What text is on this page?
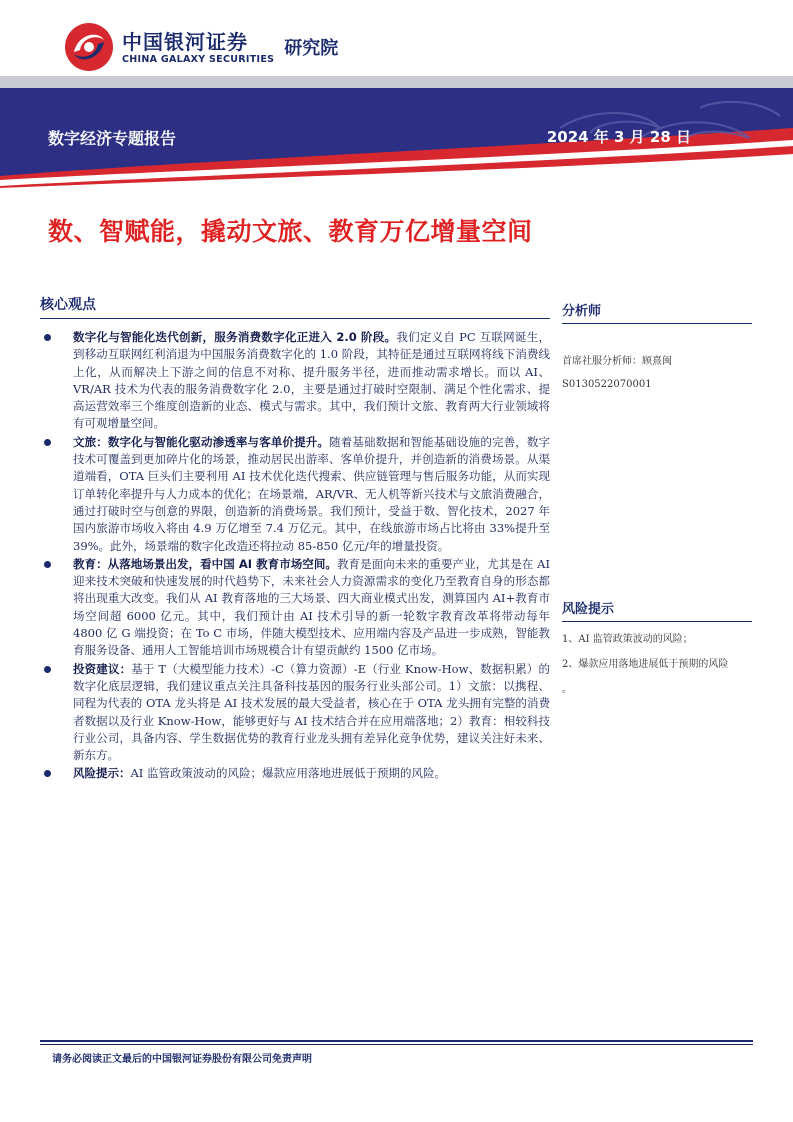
中国银河证券
CHINA GALAXY SECURITIES 研究院
数字经济专题报告	2024 年 3 月 28 日
数、智赋能，撬动文旅、教育万亿增量空间
核心观点
数字化与智能化迭代创新，服务消费数字化正进入 2.0 阶段。我们定义自 PC 互联网诞生，到移动互联网红利消退为中国服务消费数字化的 1.0 阶段，其特征是通过互联网将线下消费线上化，从而解决上下游之间的信息不对称、提升服务半径，进而推动需求增长。而以 AI、VR/AR 技术为代表的服务消费数字化 2.0，主要是通过打破时空限制、满足个性化需求、提高运营效率三个维度创造新的业态、模式与需求。其中，我们预计文旅、教育两大行业领域将有可观增量空间。
文旅：数字化与智能化驱动渗透率与客单价提升。随着基础数据和智能基础设施的完善，数字技术可覆盖到更加碎片化的场景，推动居民出游率、客单价提升，并创造新的消费场景。从渠道端看，OTA 巨头们主要利用 AI 技术优化迭代搜索、供应链管理与售后服务功能，从而实现订单转化率提升与人力成本的优化；在场景端，AR/VR、无人机等新兴技术与文旅消费融合，通过打破时空与创意的界限，创造新的消费场景。我们预计，受益于数、智化技术，2027 年国内旅游市场收入将由 4.9 万亿增至 7.4 万亿元。其中，在线旅游市场占比将由 33%提升至 39%。此外，场景端的数字化改造还将拉动 85-850 亿元/年的增量投资。
教育：从落地场景出发，看中国 AI 教育市场空间。教育是面向未来的重要产业，尤其是在 AI 迎来技术突破和快速发展的时代趋势下，未来社会人力资源需求的变化乃至教育自身的形态都将出现重大改变。我们从 AI 教育落地的三大场景、四大商业模式出发，测算国内 AI+教育市场空间超 6000 亿元。其中，我们预计由 AI 技术引导的新一轮数字教育改革将带动每年 4800 亿 G 端投资；在 To C 市场，伴随大模型技术、应用端内容及产品进一步成熟，智能教育服务设备、通用人工智能培训市场规模合计有望贡献约 1500 亿市场。
投资建议：基于 T（大模型能力技术）-C（算力资源）-E（行业 Know-How、数据积累）的数字化底层逻辑，我们建议重点关注具备科技基因的服务行业头部公司。1）文旅：以携程、同程为代表的 OTA 龙头将是 AI 技术发展的最大受益者，核心在于 OTA 龙头拥有完整的消费者数据以及行业 Know-How，能够更好与 AI 技术结合并在应用端落地；2）教育：相较科技行业公司，具备内容、学生数据优势的教育行业龙头拥有差异化竞争优势，建议关注好未来、新东方。
风险提示：AI 监管政策波动的风险；爆款应用落地进展低于预期的风险。
分析师
首席社服分析师：顾熹闽
S0130522070001
风险提示
1、AI 监管政策波动的风险；
2、爆款应用落地进展低于预期的风险
。
请务必阅读正文最后的中国银河证券股份有限公司免责声明
